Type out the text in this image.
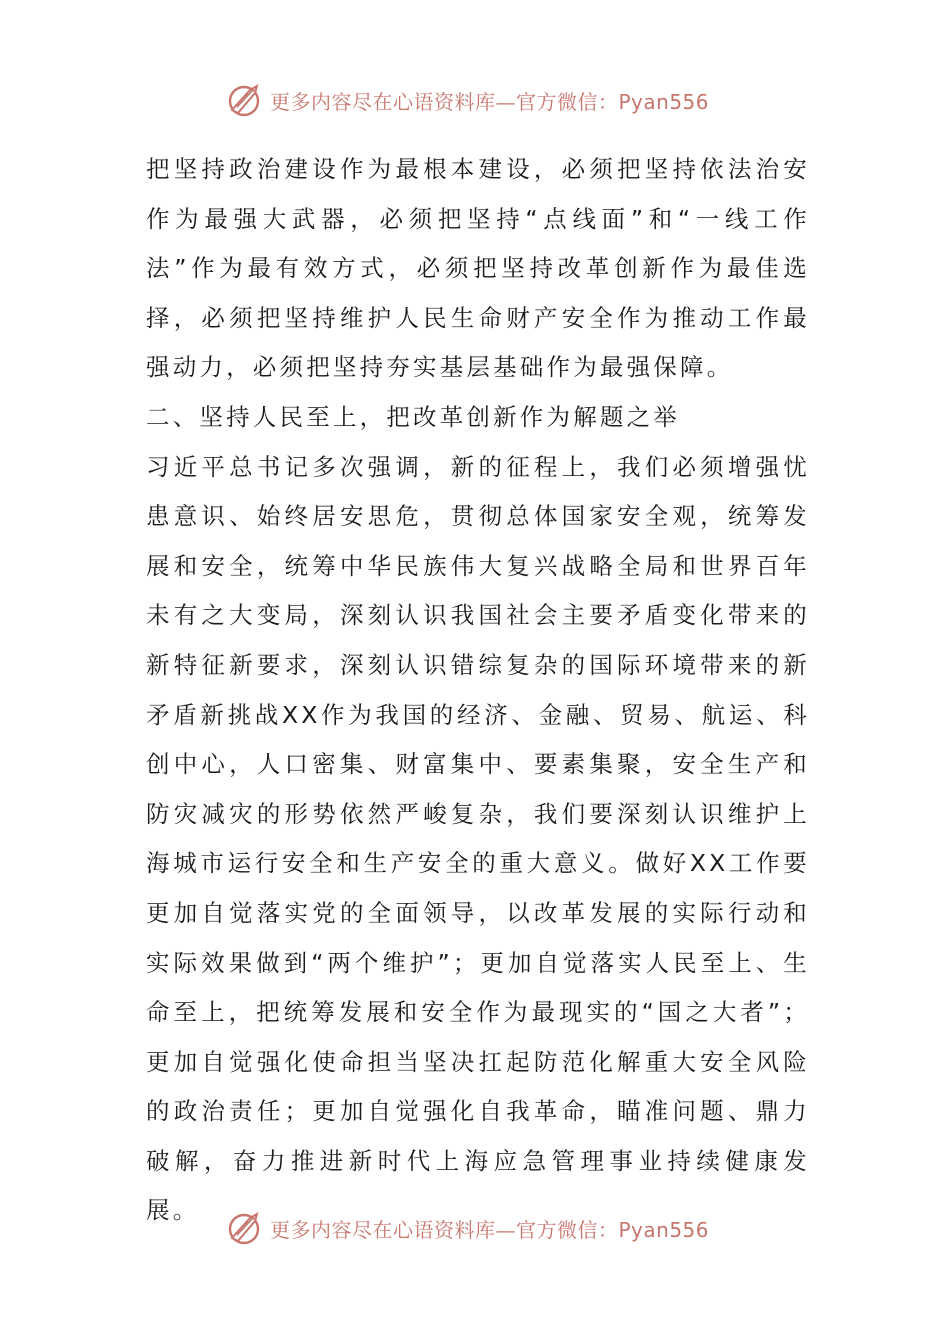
更多内容尽在心语资料库—官方微信：Pyan556

把坚持政治建设作为最根本建设，必须把坚持依法治安作为最强大武器，必须把坚持“点线面”和“一线工作法”作为最有效方式，必须把坚持改革创新作为最佳选择，必须把坚持维护人民生命财产安全作为推动工作最强动力，必须把坚持夯实基层基础作为最强保障。

二、坚持人民至上，把改革创新作为解题之举

习近平总书记多次强调，新的征程上，我们必须增强忧患意识、始终居安思危，贯彻总体国家安全观，统筹发展和安全，统筹中华民族伟大复兴战略全局和世界百年未有之大变局，深刻认识我国社会主要矛盾变化带来的新特征新要求，深刻认识错综复杂的国际环境带来的新矛盾新挑战XX作为我国的经济、金融、贸易、航运、科创中心，人口密集、财富集中、要素集聚，安全生产和防灾减灾的形势依然严峻复杂，我们要深刻认识维护上海城市运行安全和生产安全的重大意义。做好XX工作要更加自觉落实党的全面领导，以改革发展的实际行动和实际效果做到“两个维护”；更加自觉落实人民至上、生命至上，把统筹发展和安全作为最现实的“国之大者”；更加自觉强化使命担当坚决扛起防范化解重大安全风险的政治责任；更加自觉强化自我革命，瞄准问题、鼎力破解，奋力推进新时代上海应急管理事业持续健康发展。

更多内容尽在心语资料库—官方微信：Pyan556
